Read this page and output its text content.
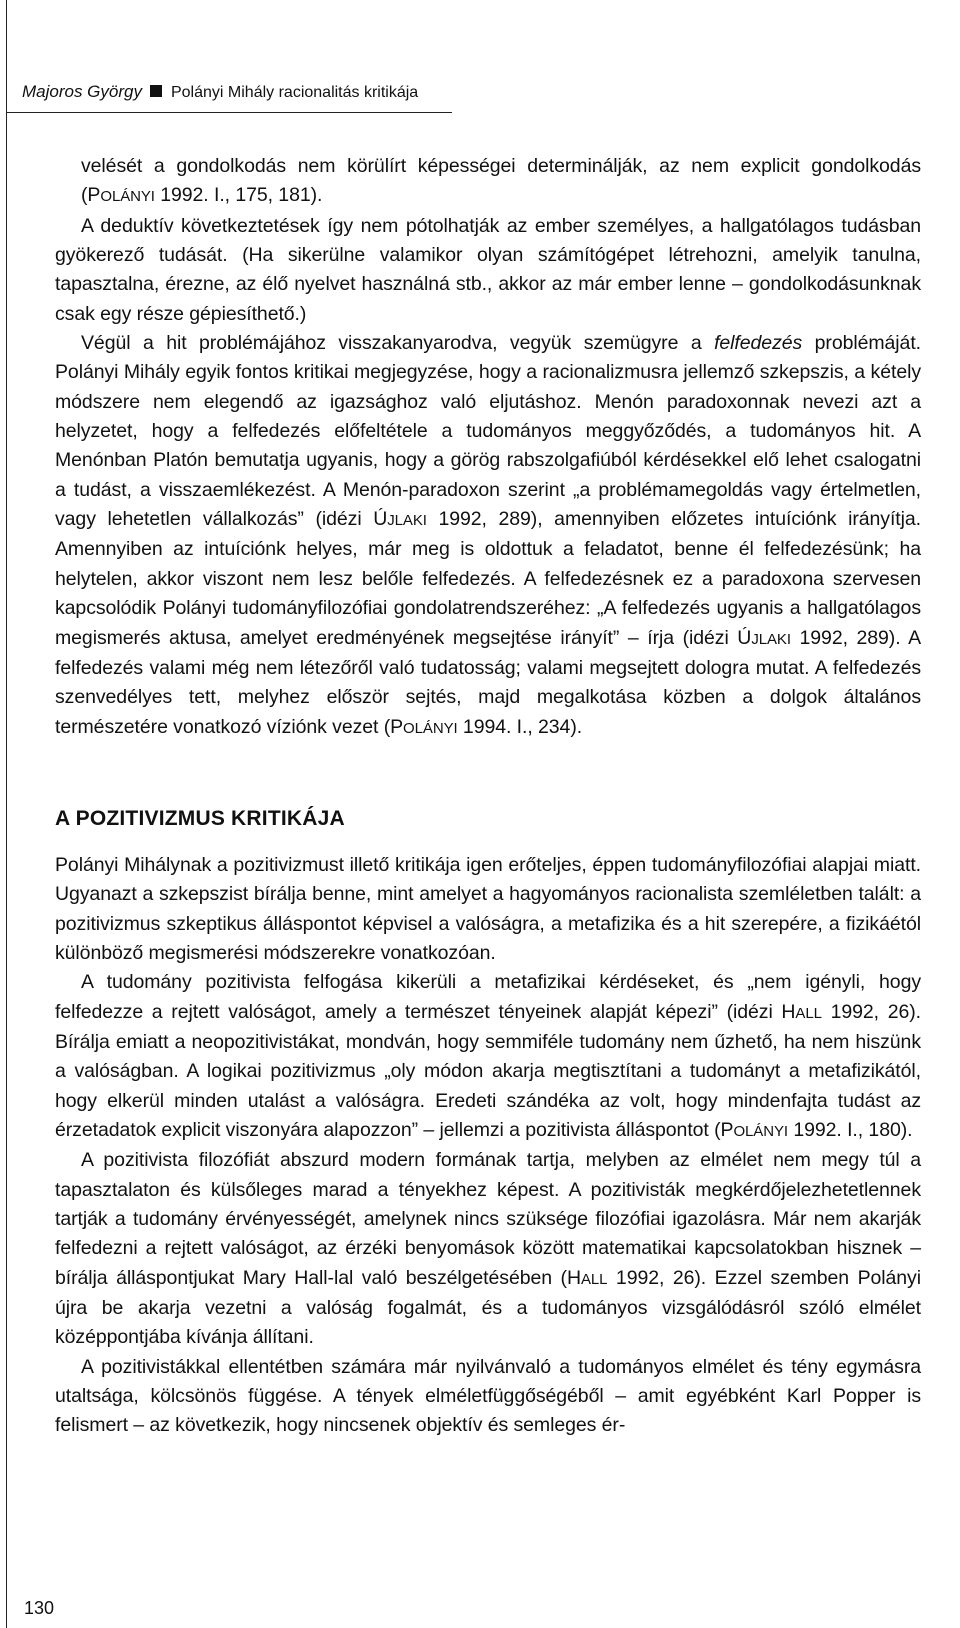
Majoros György Polányi Mihály racionalitás kritikája

velését a gondolkodás nem körülírt képességei determinálják, az nem explicit gondolkodás (POLÁNYI 1992. I., 175, 181).

A deduktív következtetések így nem pótolhatják az ember személyes, a hallgatólagos tudásban gyökerező tudását. (Ha sikerülne valamikor olyan számítógépet létrehozni, amelyik tanulna, tapasztalna, érezne, az élő nyelvet használná stb., akkor az már ember lenne – gondolkodásunknak csak egy része gépiesíthető.)

Végül a hit problémájához visszakanyarodva, vegyük szemügyre a felfedezés problémáját. Polányi Mihály egyik fontos kritikai megjegyzése, hogy a racionalizmusra jellemző szkepszis, a kétely módszere nem elegendő az igazsághoz való eljutáshoz. Menón paradoxonnak nevezi azt a helyzetet, hogy a felfedezés előfeltétele a tudományos meggyőződés, a tudományos hit. A Menónban Platón bemutatja ugyanis, hogy a görög rabszolgafiúból kérdésekkel elő lehet csalogatni a tudást, a visszaemlékezést. A Menón-paradoxon szerint „a problémamegoldás vagy értelmetlen, vagy lehetetlen vállalkozás” (idézi ÚJLAKI 1992, 289), amennyiben előzetes intuíciónk irányítja. Amennyiben az intuíciónk helyes, már meg is oldottuk a feladatot, benne él felfedezésünk; ha helytelen, akkor viszont nem lesz belőle felfedezés. A felfedezésnek ez a paradoxona szervesen kapcsolódik Polányi tudományfilozófiai gondolatrendszeréhez: „A felfedezés ugyanis a hallgatólagos megismerés aktusa, amelyet eredményének megsejtése irányít” – írja (idézi ÚJLAKI 1992, 289). A felfedezés valami még nem létezőről való tudatosság; valami megsejtett dologra mutat. A felfedezés szenvedélyes tett, melyhez először sejtés, majd megalkotása közben a dolgok általános természetére vonatkozó víziónk vezet (POLÁNYI 1994. I., 234).

A POZITIVIZMUS KRITIKÁJA

Polányi Mihálynak a pozitivizmust illető kritikája igen erőteljes, éppen tudományfilozófiai alapjai miatt. Ugyanazt a szkepszist bírálja benne, mint amelyet a hagyományos racionalista szemléletben talált: a pozitivizmus szkeptikus álláspontot képvisel a valóságra, a metafizika és a hit szerepére, a fizikáétól különböző megismerési módszerekre vonatkozóan.

A tudomány pozitivista felfogása kikerüli a metafizikai kérdéseket, és „nem igényli, hogy felfedezze a rejtett valóságot, amely a természet tényeinek alapját képezi” (idézi HALL 1992, 26). Bírálja emiatt a neopozitivistákat, mondván, hogy semmiféle tudomány nem űzhető, ha nem hiszünk a valóságban. A logikai pozitivizmus „oly módon akarja megtisztítani a tudományt a metafizikától, hogy elkerül minden utalást a valóságra. Eredeti szándéka az volt, hogy mindenfajta tudást az érzetadatok explicit viszonyára alapozzon” – jellemzi a pozitivista álláspontot (POLÁNYI 1992. I., 180).

A pozitivista filozófiát abszurd modern formának tartja, melyben az elmélet nem megy túl a tapasztalaton és külsőleges marad a tényekhez képest. A pozitivisták megkérdőjelezhetetlennek tartják a tudomány érvényességét, amelynek nincs szüksége filozófiai igazolásra. Már nem akarják felfedezni a rejtett valóságot, az érzéki benyomások között matematikai kapcsolatokban hisznek – bírálja álláspontjukat Mary Hall-lal való beszélgetésében (HALL 1992, 26). Ezzel szemben Polányi újra be akarja vezetni a valóság fogalmát, és a tudományos vizsgálódásról szóló elmélet középpontjába kívánja állítani.

A pozitivistákkal ellentétben számára már nyilvánvaló a tudományos elmélet és tény egymásra utaltsága, kölcsönös függése. A tények elméletfüggőségéből – amit egyébként Karl Popper is felismert – az következik, hogy nincsenek objektív és semleges ér-

130
